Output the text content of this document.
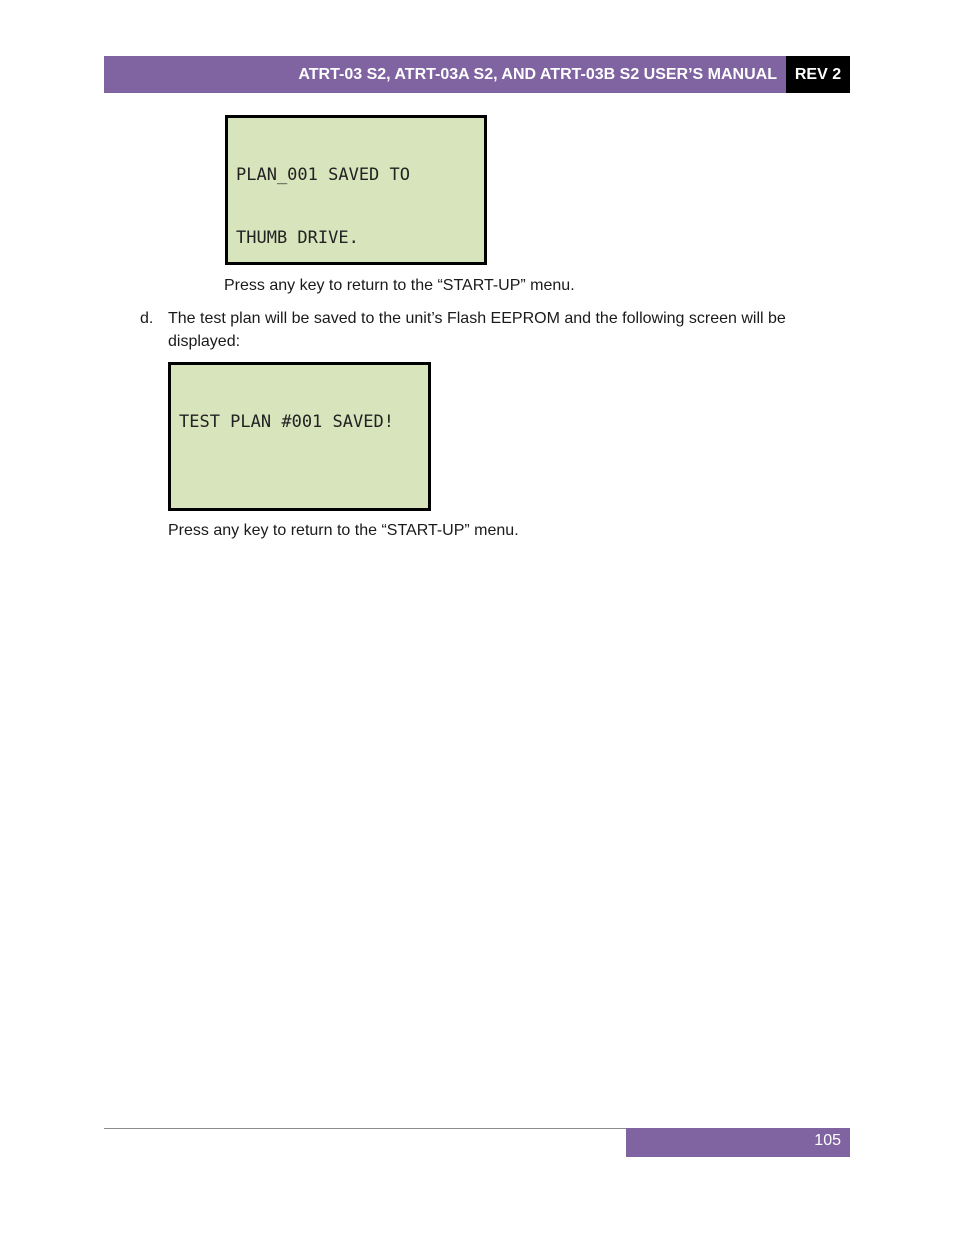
ATRT-03 S2, ATRT-03A S2, AND ATRT-03B S2 USER’S MANUAL	REV 2

PLAN_001 SAVED TO

THUMB DRIVE.

Press any key to return to the “START-UP” menu.
d. The test plan will be saved to the unit’s Flash EEPROM and the following screen will be displayed:

TEST PLAN #001 SAVED!

Press any key to return to the “START-UP” menu.
105
